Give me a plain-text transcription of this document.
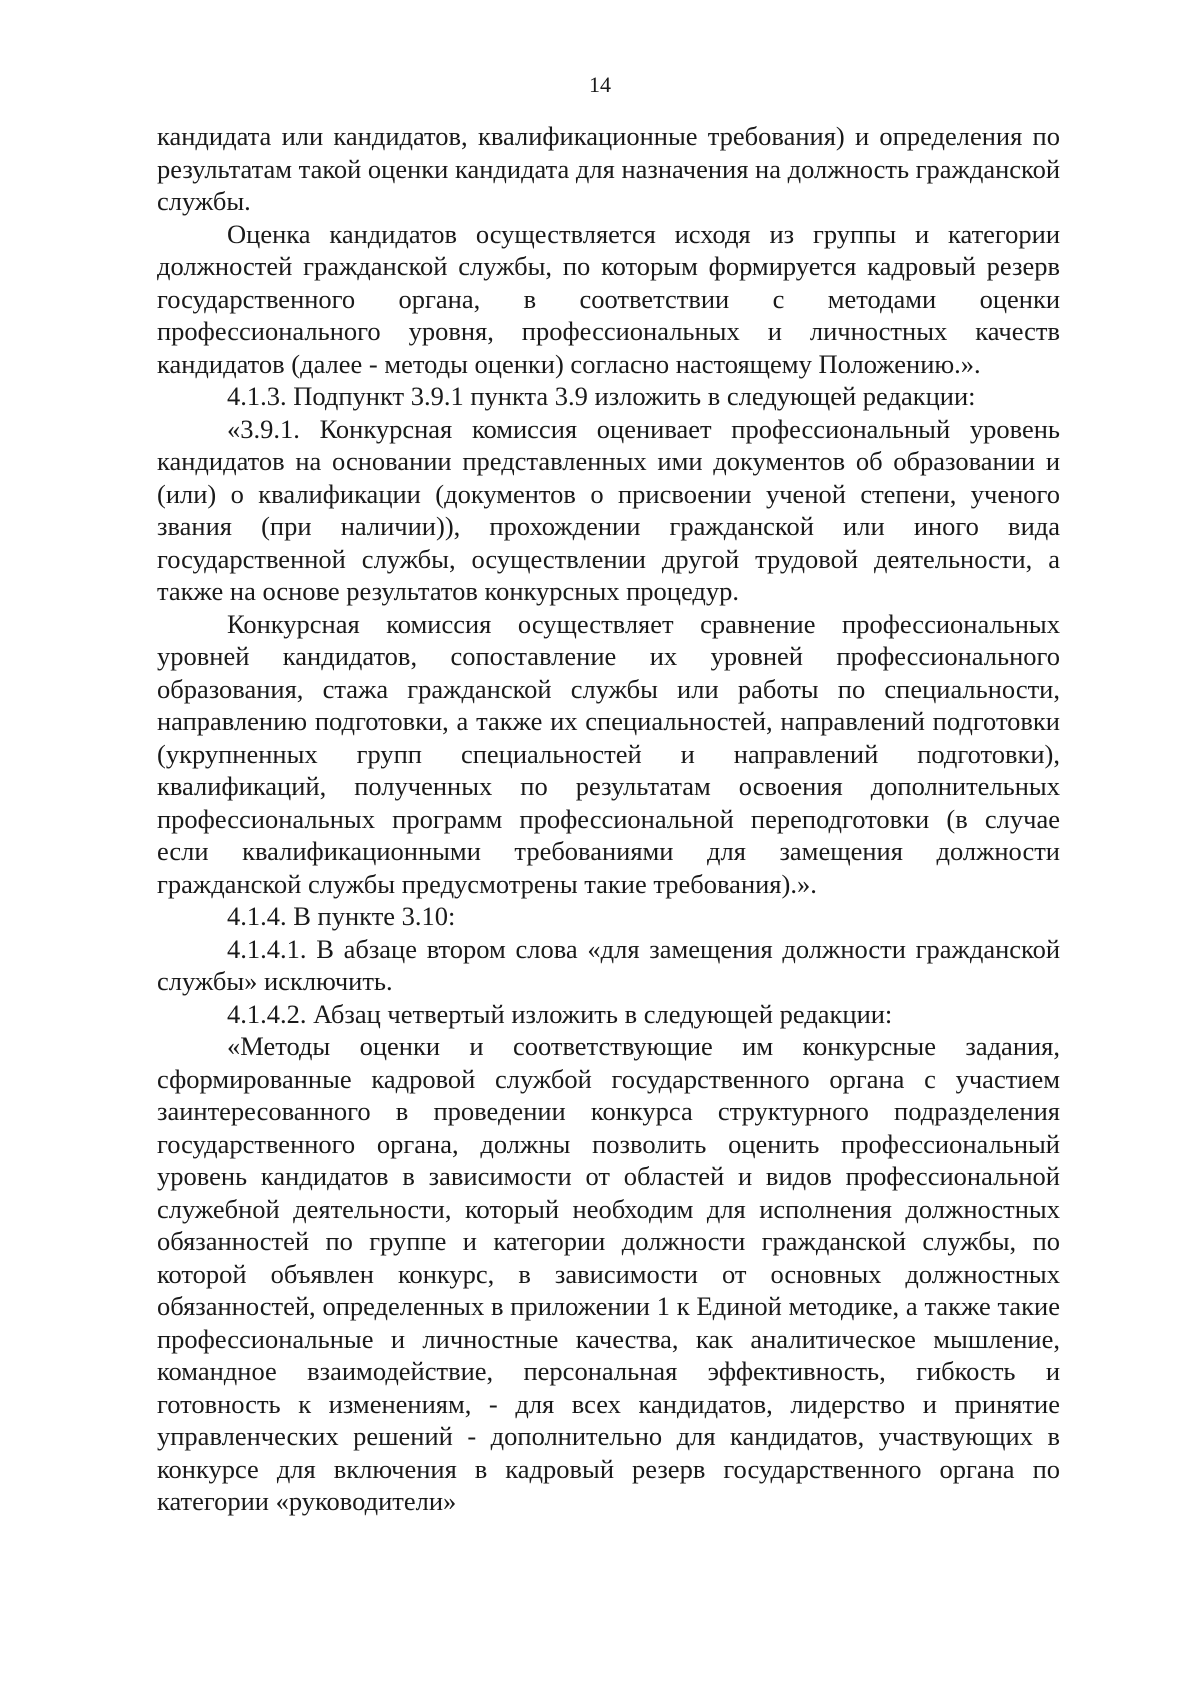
14

кандидата или кандидатов, квалификационные требования) и определения по результатам такой оценки кандидата для назначения на должность гражданской службы.

Оценка кандидатов осуществляется исходя из группы и категории должностей гражданской службы, по которым формируется кадровый резерв государственного органа, в соответствии с методами оценки профессионального уровня, профессиональных и личностных качеств кандидатов (далее - методы оценки) согласно настоящему Положению.».

4.1.3. Подпункт 3.9.1 пункта 3.9 изложить в следующей редакции:

«3.9.1. Конкурсная комиссия оценивает профессиональный уровень кандидатов на основании представленных ими документов об образовании и (или) о квалификации (документов о присвоении ученой степени, ученого звания (при наличии)), прохождении гражданской или иного вида государственной службы, осуществлении другой трудовой деятельности, а также на основе результатов конкурсных процедур.

Конкурсная комиссия осуществляет сравнение профессиональных уровней кандидатов, сопоставление их уровней профессионального образования, стажа гражданской службы или работы по специальности, направлению подготовки, а также их специальностей, направлений подготовки (укрупненных групп специальностей и направлений подготовки), квалификаций, полученных по результатам освоения дополнительных профессиональных программ профессиональной переподготовки (в случае если квалификационными требованиями для замещения должности гражданской службы предусмотрены такие требования).».

4.1.4. В пункте 3.10:

4.1.4.1. В абзаце втором слова «для замещения должности гражданской службы» исключить.

4.1.4.2. Абзац четвертый изложить в следующей редакции:

«Методы оценки и соответствующие им конкурсные задания, сформированные кадровой службой государственного органа с участием заинтересованного в проведении конкурса структурного подразделения государственного органа, должны позволить оценить профессиональный уровень кандидатов в зависимости от областей и видов профессиональной служебной деятельности, который необходим для исполнения должностных обязанностей по группе и категории должности гражданской службы, по которой объявлен конкурс, в зависимости от основных должностных обязанностей, определенных в приложении 1 к Единой методике, а также такие профессиональные и личностные качества, как аналитическое мышление, командное взаимодействие, персональная эффективность, гибкость и готовность к изменениям, - для всех кандидатов, лидерство и принятие управленческих решений - дополнительно для кандидатов, участвующих в конкурсе для включения в кадровый резерв государственного органа по категории «руководители»
